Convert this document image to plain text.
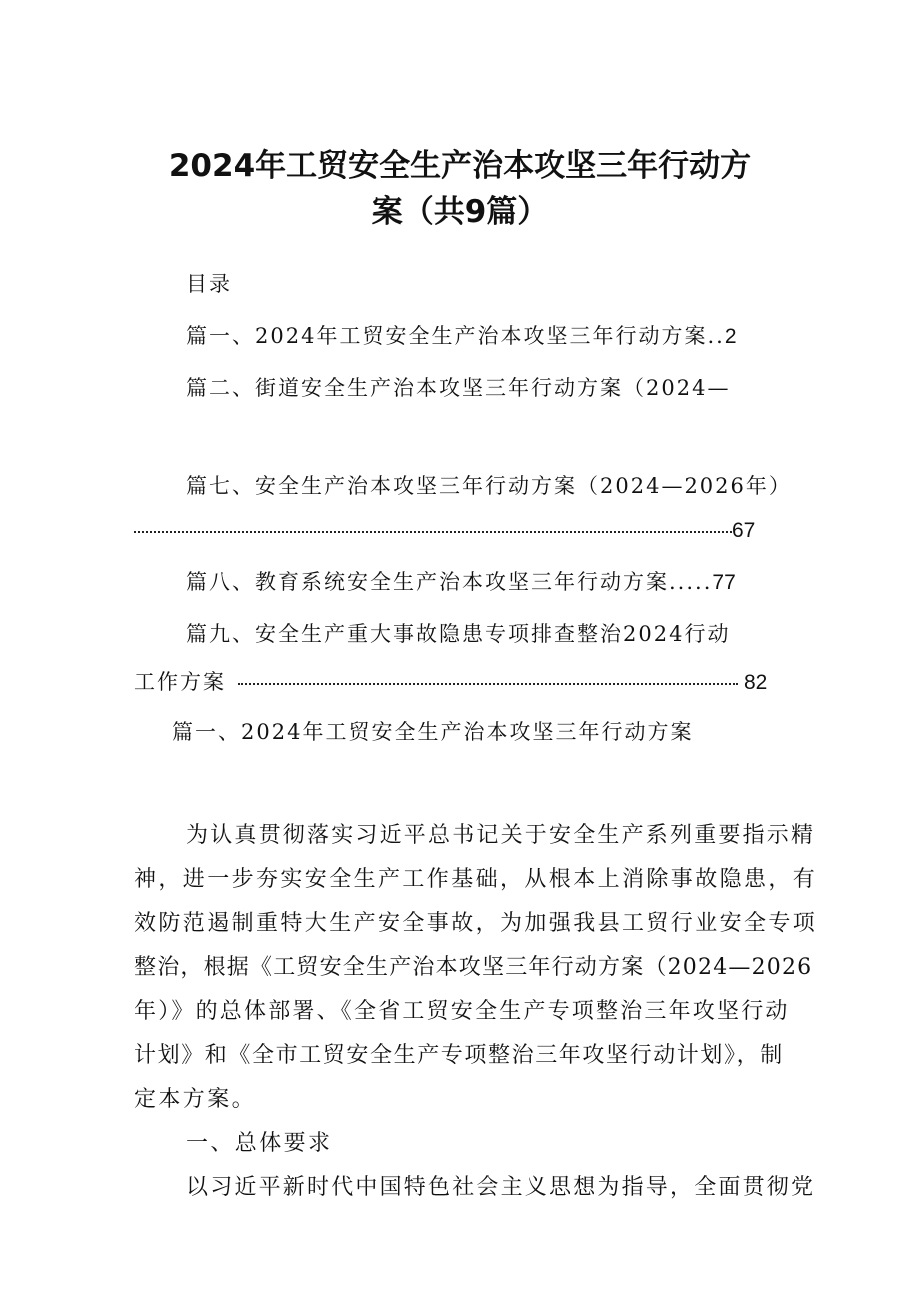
2024年工贸安全生产治本攻坚三年行动方
案（共9篇）
目录
篇一、2024年工贸安全生产治本攻坚三年行动方案..2
篇二、街道安全生产治本攻坚三年行动方案（2024—
篇七、安全生产治本攻坚三年行动方案（2024—2026年）
67
篇八、教育系统安全生产治本攻坚三年行动方案.....77
篇九、安全生产重大事故隐患专项排查整治2024行动
工作方案	82
篇一、2024年工贸安全生产治本攻坚三年行动方案
为认真贯彻落实习近平总书记关于安全生产系列重要指示精
神，进一步夯实安全生产工作基础，从根本上消除事故隐患，有
效防范遏制重特大生产安全事故，为加强我县工贸行业安全专项
整治，根据《工贸安全生产治本攻坚三年行动方案（2024—2026
年）》的总体部署、《全省工贸安全生产专项整治三年攻坚行动
计划》和《全市工贸安全生产专项整治三年攻坚行动计划》，制
定本方案。
一、总体要求
以习近平新时代中国特色社会主义思想为指导，全面贯彻党
